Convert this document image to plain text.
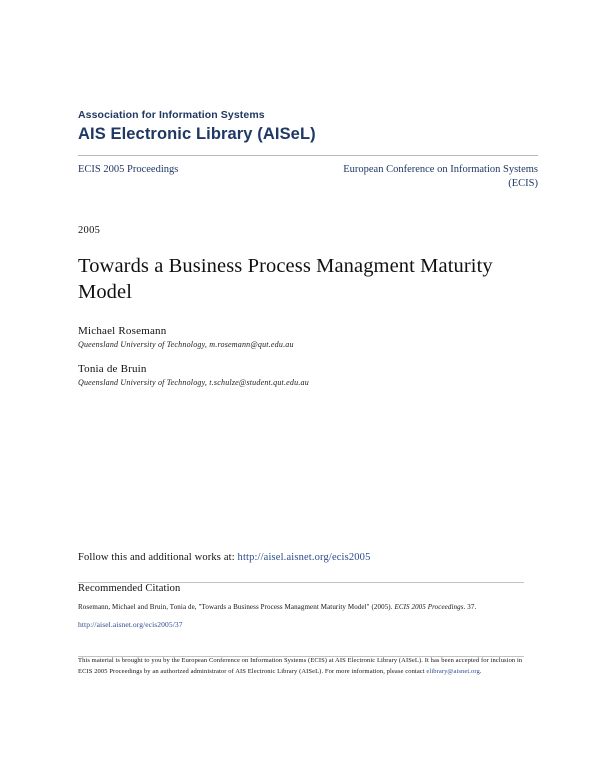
Association for Information Systems
AIS Electronic Library (AISeL)
ECIS 2005 Proceedings	European Conference on Information Systems
(ECIS)
2005
Towards a Business Process Managment Maturity Model
Michael Rosemann
Queensland University of Technology, m.rosemann@qut.edu.au
Tonia de Bruin
Queensland University of Technology, t.schulze@student.qut.edu.au
Follow this and additional works at: http://aisel.aisnet.org/ecis2005
Recommended Citation
Rosemann, Michael and Bruin, Tonia de, "Towards a Business Process Managment Maturity Model" (2005). ECIS 2005 Proceedings. 37.
http://aisel.aisnet.org/ecis2005/37
This material is brought to you by the European Conference on Information Systems (ECIS) at AIS Electronic Library (AISeL). It has been accepted for inclusion in ECIS 2005 Proceedings by an authorized administrator of AIS Electronic Library (AISeL). For more information, please contact elibrary@aisnet.org.
